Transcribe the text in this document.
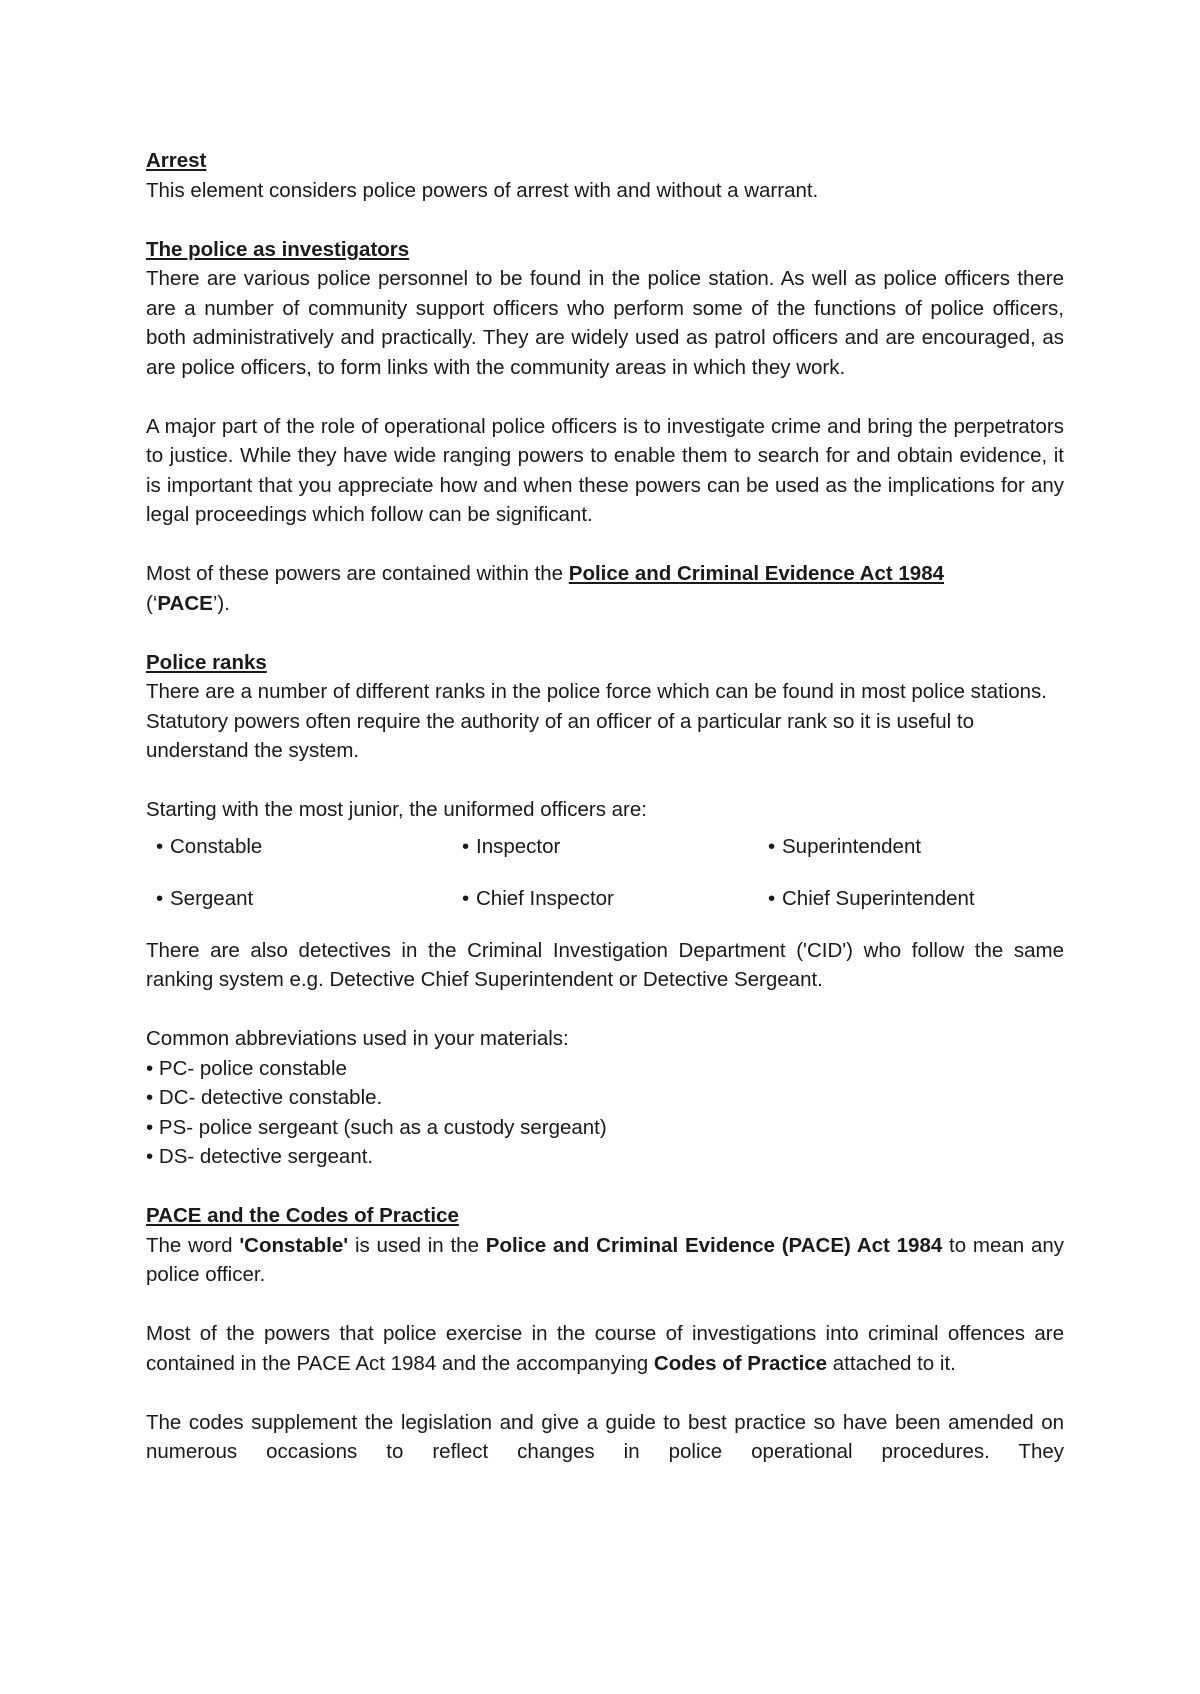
Arrest

This element considers police powers of arrest with and without a warrant.

The police as investigators

There are various police personnel to be found in the police station. As well as police officers there are a number of community support officers who perform some of the functions of police officers, both administratively and practically. They are widely used as patrol officers and are encouraged, as are police officers, to form links with the community areas in which they work.

A major part of the role of operational police officers is to investigate crime and bring the perpetrators to justice. While they have wide ranging powers to enable them to search for and obtain evidence, it is important that you appreciate how and when these powers can be used as the implications for any legal proceedings which follow can be significant.

Most of these powers are contained within the Police and Criminal Evidence Act 1984
(‘PACE’).

Police ranks

There are a number of different ranks in the police force which can be found in most police stations. Statutory powers often require the authority of an officer of a particular rank so it is useful to understand the system.

Starting with the most junior, the uniformed officers are:

• Constable	• Inspector	• Superintendent
• Sergeant	• Chief Inspector	• Chief Superintendent

There are also detectives in the Criminal Investigation Department ('CID') who follow the same ranking system e.g. Detective Chief Superintendent or Detective Sergeant.

Common abbreviations used in your materials:

• PC- police constable
• DC- detective constable.
• PS- police sergeant (such as a custody sergeant)
• DS- detective sergeant.
PACE and the Codes of Practice

The word 'Constable' is used in the Police and Criminal Evidence (PACE) Act 1984 to mean any police officer.

Most of the powers that police exercise in the course of investigations into criminal offences are contained in the PACE Act 1984 and the accompanying Codes of Practice attached to it.

The codes supplement the legislation and give a guide to best practice so have been amended on numerous occasions to reflect changes in police operational procedures. They
